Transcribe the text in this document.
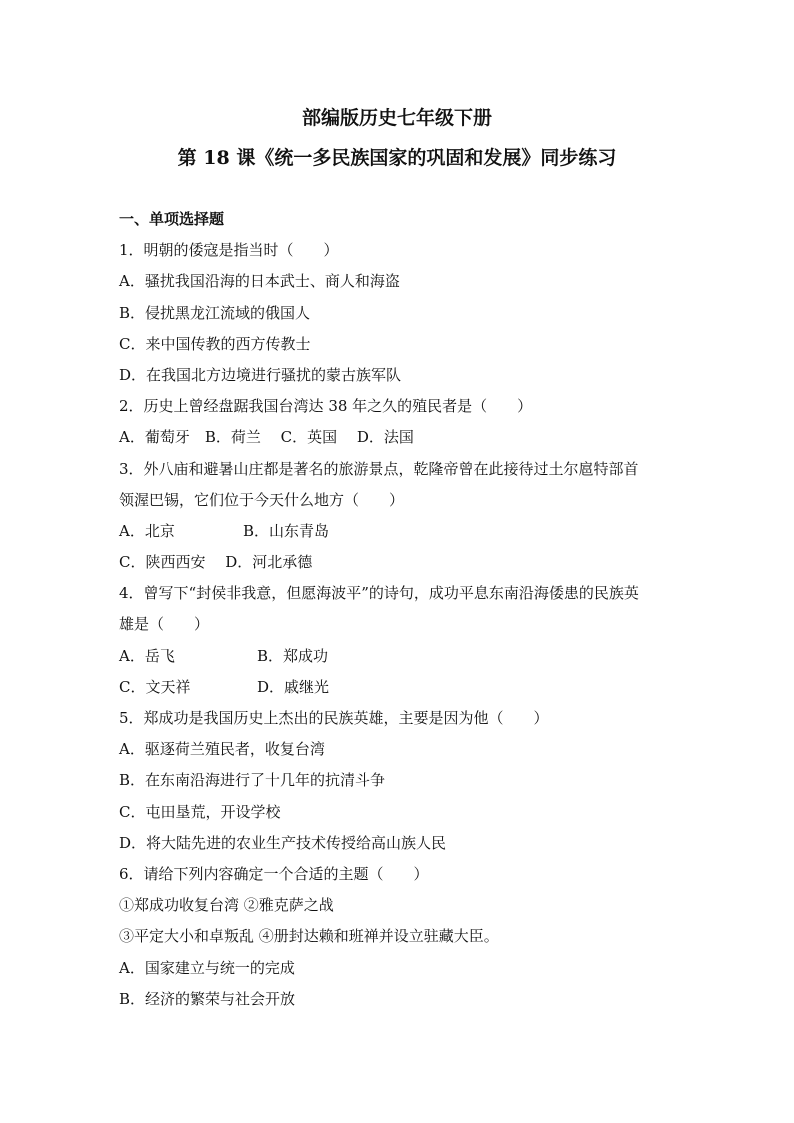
部编版历史七年级下册
第 18 课《统一多民族国家的巩固和发展》同步练习
一、单项选择题
1．明朝的倭寇是指当时（　　）
A．骚扰我国沿海的日本武士、商人和海盗
B．侵扰黑龙江流域的俄国人
C．来中国传教的西方传教士
D．在我国北方边境进行骚扰的蒙古族军队
2．历史上曾经盘踞我国台湾达 38 年之久的殖民者是（　　）
A．葡萄牙　B．荷兰　 C．英国　 D．法国
3．外八庙和避暑山庄都是著名的旅游景点，乾隆帝曾在此接待过土尔扈特部首
领渥巴锡，它们位于今天什么地方（　　）
A．北京	B．山东青岛
C．陕西西安　 D．河北承德
4．曾写下“封侯非我意，但愿海波平”的诗句，成功平息东南沿海倭患的民族英
雄是（　　）
A．岳飞	B．郑成功
C．文天祥	D．戚继光
5．郑成功是我国历史上杰出的民族英雄，主要是因为他（　　）
A．驱逐荷兰殖民者，收复台湾
B．在东南沿海进行了十几年的抗清斗争
C．屯田垦荒，开设学校
D．将大陆先进的农业生产技术传授给高山族人民
6．请给下列内容确定一个合适的主题（　　）
①郑成功收复台湾 ②雅克萨之战
③平定大小和卓叛乱 ④册封达赖和班禅并设立驻藏大臣。
A．国家建立与统一的完成
B．经济的繁荣与社会开放
